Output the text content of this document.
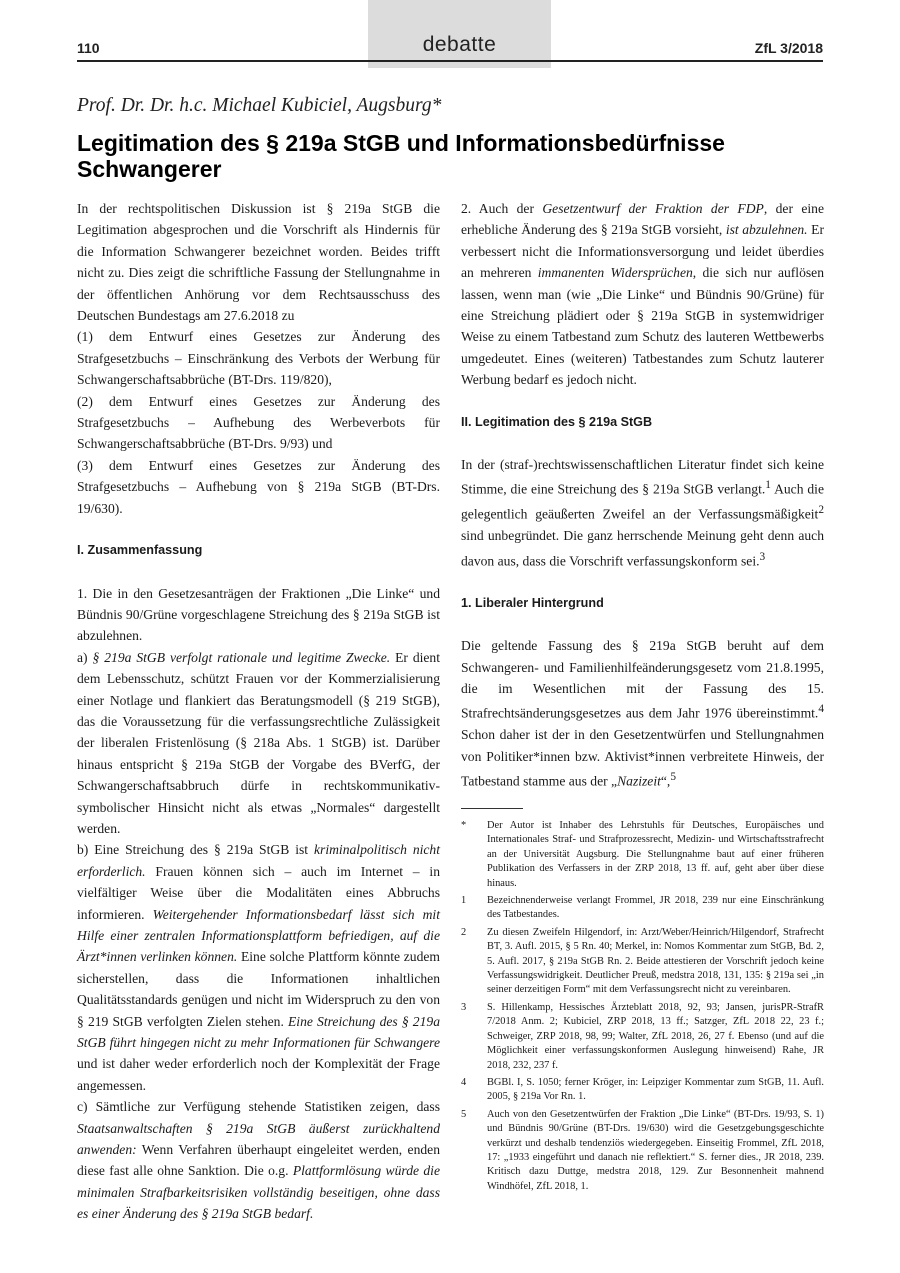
debatte
110	ZfL 3/2018
Prof. Dr. Dr. h.c. Michael Kubiciel, Augsburg*
Legitimation des § 219a StGB und Informationsbedürfnisse Schwangerer

In der rechtspolitischen Diskussion ist § 219a StGB die Legitimation abgesprochen und die Vorschrift als Hindernis für die Information Schwangerer bezeichnet worden. Beides trifft nicht zu. Dies zeigt die schriftliche Fassung der Stellungnahme in der öffentlichen Anhörung vor dem Rechtsausschuss des Deutschen Bundestags am 27.6.2018 zu

(1) dem Entwurf eines Gesetzes zur Änderung des Strafgesetzbuchs – Einschränkung des Verbots der Werbung für Schwangerschaftsabbrüche (BT-Drs. 119/820),

(2) dem Entwurf eines Gesetzes zur Änderung des Strafgesetzbuchs – Aufhebung des Werbeverbots für Schwangerschaftsabbrüche (BT-Drs. 9/93) und

(3) dem Entwurf eines Gesetzes zur Änderung des Strafgesetzbuchs – Aufhebung von § 219a StGB (BT-Drs. 19/630).

I. Zusammenfassung

1. Die in den Gesetzesanträgen der Fraktionen „Die Linke“ und Bündnis 90/Grüne vorgeschlagene Streichung des § 219a StGB ist abzulehnen.

a) § 219a StGB verfolgt rationale und legitime Zwecke. Er dient dem Lebensschutz, schützt Frauen vor der Kommerzialisierung einer Notlage und flankiert das Beratungsmodell (§ 219 StGB), das die Voraussetzung für die verfassungsrechtliche Zulässigkeit der liberalen Fristenlösung (§ 218a Abs. 1 StGB) ist. Darüber hinaus entspricht § 219a StGB der Vorgabe des BVerfG, der Schwangerschaftsabbruch dürfe in rechtskommunikativ-symbolischer Hinsicht nicht als etwas „Normales“ dargestellt werden.

b) Eine Streichung des § 219a StGB ist kriminalpolitisch nicht erforderlich. Frauen können sich – auch im Internet – in vielfältiger Weise über die Modalitäten eines Abbruchs informieren. Weitergehender Informationsbedarf lässt sich mit Hilfe einer zentralen Informationsplattform befriedigen, auf die Ärzt*innen verlinken können. Eine solche Plattform könnte zudem sicherstellen, dass die Informationen inhaltlichen Qualitätsstandards genügen und nicht im Widerspruch zu den von § 219 StGB verfolgten Zielen stehen. Eine Streichung des § 219a StGB führt hingegen nicht zu mehr Informationen für Schwangere und ist daher weder erforderlich noch der Komplexität der Frage angemessen.

c) Sämtliche zur Verfügung stehende Statistiken zeigen, dass Staatsanwaltschaften § 219a StGB äußerst zurückhaltend anwenden: Wenn Verfahren überhaupt eingeleitet werden, enden diese fast alle ohne Sanktion. Die o.g. Plattformlösung würde die minimalen Strafbarkeitsrisiken vollständig beseitigen, ohne dass es einer Änderung des § 219a StGB bedarf.

2. Auch der Gesetzentwurf der Fraktion der FDP, der eine erhebliche Änderung des § 219a StGB vorsieht, ist abzulehnen. Er verbessert nicht die Informationsversorgung und leidet überdies an mehreren immanenten Widersprüchen, die sich nur auflösen lassen, wenn man (wie „Die Linke“ und Bündnis 90/Grüne) für eine Streichung plädiert oder § 219a StGB in systemwidriger Weise zu einem Tatbestand zum Schutz des lauteren Wettbewerbs umgedeutet. Eines (weiteren) Tatbestandes zum Schutz lauterer Werbung bedarf es jedoch nicht.

II. Legitimation des § 219a StGB

In der (straf-)rechtswissenschaftlichen Literatur findet sich keine Stimme, die eine Streichung des § 219a StGB verlangt.$^1$ Auch die gelegentlich geäußerten Zweifel an der Verfassungsmäßigkeit$^2$ sind unbegründet. Die ganz herrschende Meinung geht denn auch davon aus, dass die Vorschrift verfassungskonform sei.$^3$

1. Liberaler Hintergrund

Die geltende Fassung des § 219a StGB beruht auf dem Schwangeren- und Familienhilfeänderungsgesetz vom 21.8.1995, die im Wesentlichen mit der Fassung des 15. Strafrechtsänderungsgesetzes aus dem Jahr 1976 übereinstimmt.$^4$ Schon daher ist der in den Gesetzentwürfen und Stellungnahmen von Politiker*innen bzw. Aktivist*innen verbreitete Hinweis, der Tatbestand stamme aus der „Nazizeit“,$^5$

*	Der Autor ist Inhaber des Lehrstuhls für Deutsches, Europäisches und Internationales Straf- und Strafprozessrecht, Medizin- und Wirtschaftsstrafrecht an der Universität Augsburg. Die Stellungnahme baut auf einer früheren Publikation des Verfassers in der ZRP 2018, 13 ff. auf, geht aber über diese hinaus.
1	Bezeichnenderweise verlangt Frommel, JR 2018, 239 nur eine Einschränkung des Tatbestandes.
2	Zu diesen Zweifeln Hilgendorf, in: Arzt/Weber/Heinrich/Hilgendorf, Strafrecht BT, 3. Aufl. 2015, § 5 Rn. 40; Merkel, in: Nomos Kommentar zum StGB, Bd. 2, 5. Aufl. 2017, § 219a StGB Rn. 2. Beide attestieren der Vorschrift jedoch keine Verfassungswidrigkeit. Deutlicher Preuß, medstra 2018, 131, 135: § 219a sei „in seiner derzeitigen Form“ mit dem Verfassungsrecht nicht zu vereinbaren.
3	S. Hillenkamp, Hessisches Ärzteblatt 2018, 92, 93; Jansen, jurisPR-StrafR 7/2018 Anm. 2; Kubiciel, ZRP 2018, 13 ff.; Satzger, ZfL 2018 22, 23 f.; Schweiger, ZRP 2018, 98, 99; Walter, ZfL 2018, 26, 27 f. Ebenso (und auf die Möglichkeit einer verfassungskonformen Auslegung hinweisend) Rahe, JR 2018, 232, 237 f.
4	BGBl. I, S. 1050; ferner Kröger, in: Leipziger Kommentar zum StGB, 11. Aufl. 2005, § 219a Vor Rn. 1.
5	Auch von den Gesetzentwürfen der Fraktion „Die Linke“ (BT-Drs. 19/93, S. 1) und Bündnis 90/Grüne (BT-Drs. 19/630) wird die Gesetzgebungsgeschichte verkürzt und deshalb tendenziös wiedergegeben. Einseitig Frommel, ZfL 2018, 17: „1933 eingeführt und danach nie reflektiert.“ S. ferner dies., JR 2018, 239. Kritisch dazu Duttge, medstra 2018, 129. Zur Besonnenheit mahnend Windhöfel, ZfL 2018, 1.
